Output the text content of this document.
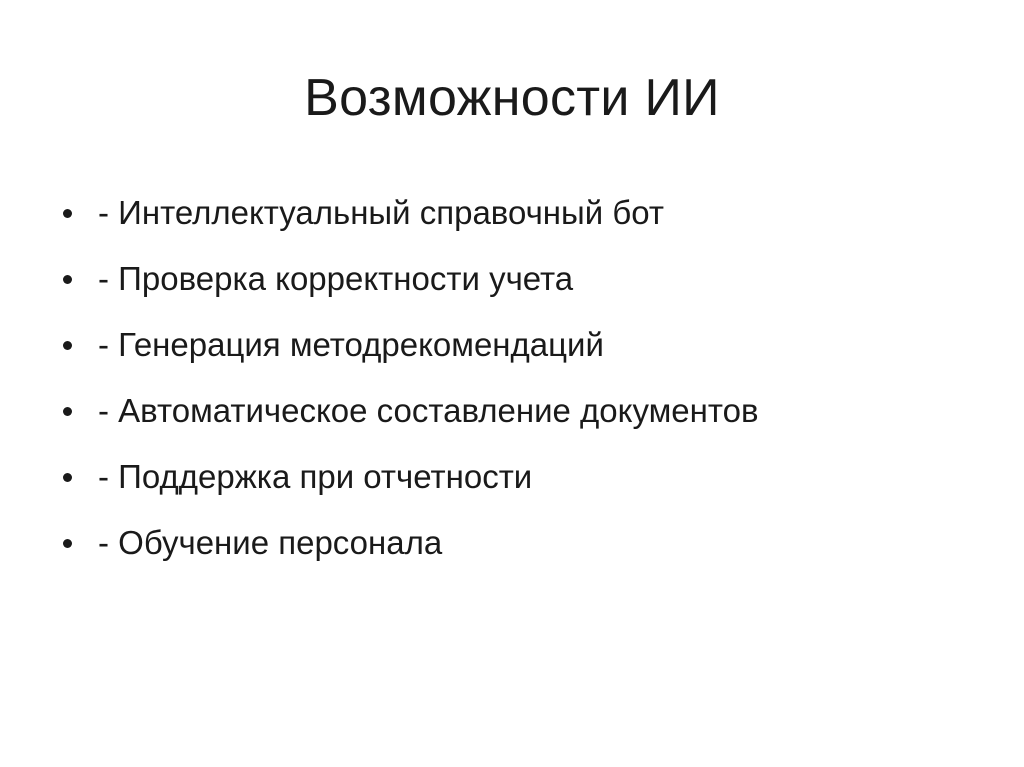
Возможности ИИ
- Интеллектуальный справочный бот
- Проверка корректности учета
- Генерация методрекомендаций
- Автоматическое составление документов
- Поддержка при отчетности
- Обучение персонала
